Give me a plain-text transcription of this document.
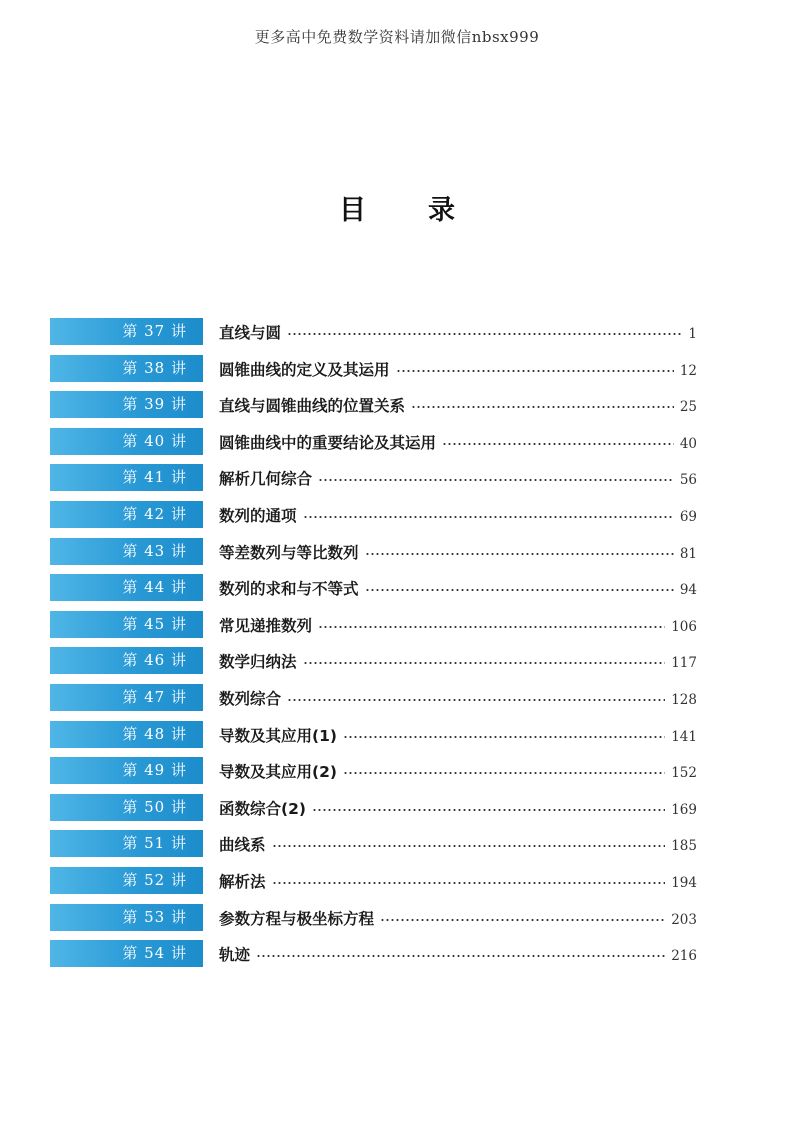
更多高中免费数学资料请加微信nbsx999
目 录
第 37 讲	直线与圆	1
第 38 讲	圆锥曲线的定义及其运用	12
第 39 讲	直线与圆锥曲线的位置关系	25
第 40 讲	圆锥曲线中的重要结论及其运用	40
第 41 讲	解析几何综合	56
第 42 讲	数列的通项	69
第 43 讲	等差数列与等比数列	81
第 44 讲	数列的求和与不等式	94
第 45 讲	常见递推数列	106
第 46 讲	数学归纳法	117
第 47 讲	数列综合	128
第 48 讲	导数及其应用(1)	141
第 49 讲	导数及其应用(2)	152
第 50 讲	函数综合(2)	169
第 51 讲	曲线系	185
第 52 讲	解析法	194
第 53 讲	参数方程与极坐标方程	203
第 54 讲	轨迹	216
